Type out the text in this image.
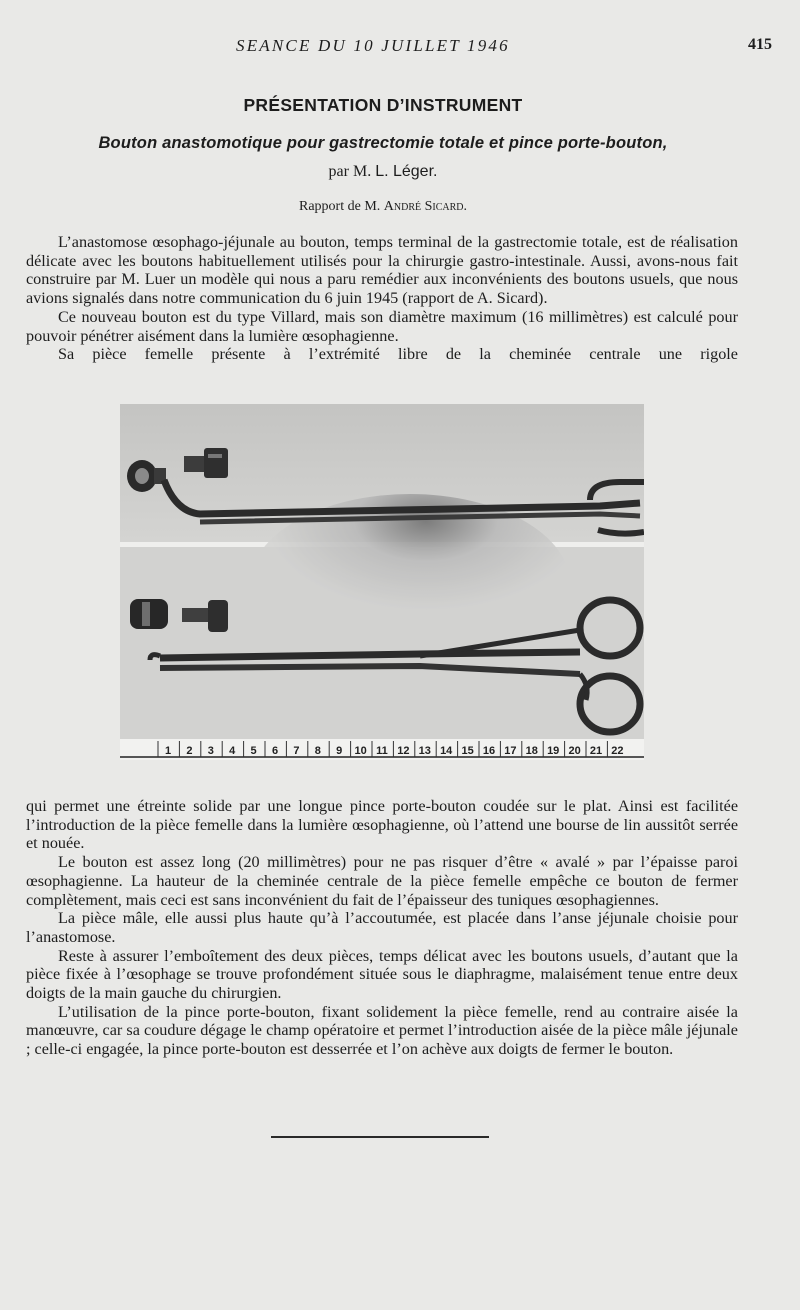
SEANCE DU 10 JUILLET 1946	415
PRÉSENTATION D’INSTRUMENT
Bouton anastomotique pour gastrectomie totale et pince porte-bouton,
par M. L. Léger.
Rapport de M. André Sicard.

L’anastomose œsophago-jéjunale au bouton, temps terminal de la gastrectomie totale, est de réalisation délicate avec les boutons habituellement utilisés pour la chirurgie gastro-intestinale. Aussi, avons-nous fait construire par M. Luer un modèle qui nous a paru remédier aux inconvénients des boutons usuels, que nous avions signalés dans notre communication du 6 juin 1945 (rapport de A. Sicard).

Ce nouveau bouton est du type Villard, mais son diamètre maximum (16 millimètres) est calculé pour pouvoir pénétrer aisément dans la lumière œsophagienne.

Sa pièce femelle présente à l’extrémité libre de la cheminée centrale une rigole

1 2 3 4 5 6 7 8 9 10 11 12 13 14 15 16 17 18 19 20 21 22

qui permet une étreinte solide par une longue pince porte-bouton coudée sur le plat. Ainsi est facilitée l’introduction de la pièce femelle dans la lumière œsophagienne, où l’attend une bourse de lin aussitôt serrée et nouée.

Le bouton est assez long (20 millimètres) pour ne pas risquer d’être « avalé » par l’épaisse paroi œsophagienne. La hauteur de la cheminée centrale de la pièce femelle empêche ce bouton de fermer complètement, mais ceci est sans inconvénient du fait de l’épaisseur des tuniques œsophagiennes.

La pièce mâle, elle aussi plus haute qu’à l’accoutumée, est placée dans l’anse jéjunale choisie pour l’anastomose.

Reste à assurer l’emboîtement des deux pièces, temps délicat avec les boutons usuels, d’autant que la pièce fixée à l’œsophage se trouve profondément située sous le diaphragme, malaisément tenue entre deux doigts de la main gauche du chirurgien.

L’utilisation de la pince porte-bouton, fixant solidement la pièce femelle, rend au contraire aisée la manœuvre, car sa coudure dégage le champ opératoire et permet l’introduction aisée de la pièce mâle jéjunale ; celle-ci engagée, la pince porte-bouton est desserrée et l’on achève aux doigts de fermer le bouton.
